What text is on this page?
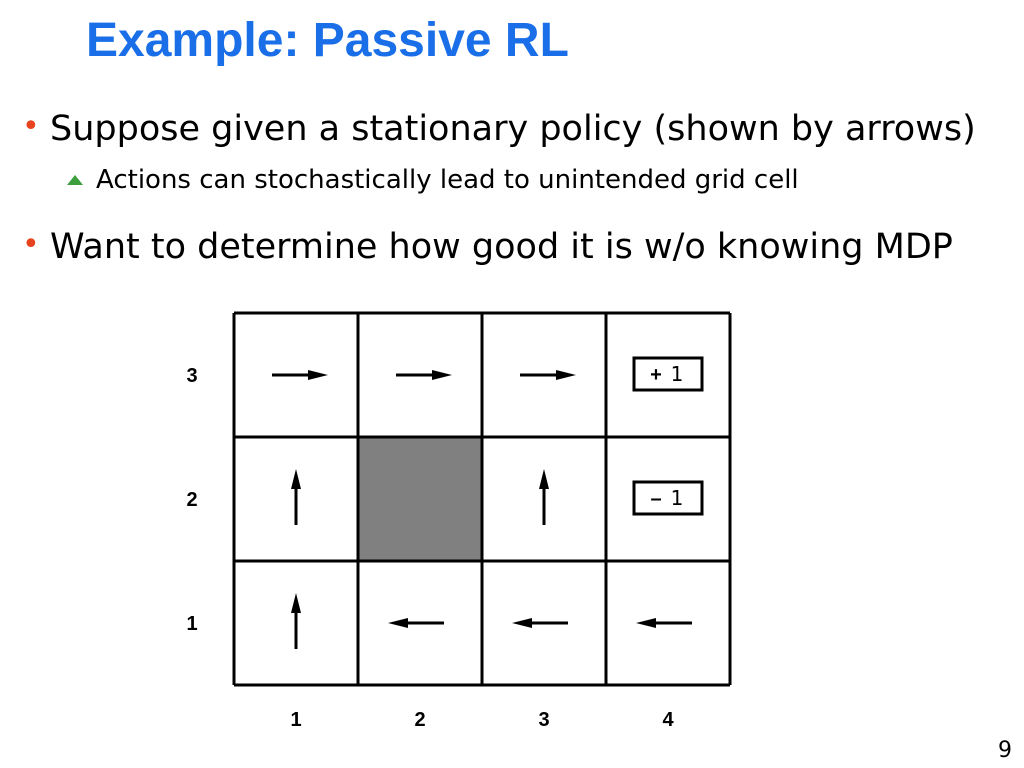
Example: Passive RL
• Suppose given a stationary policy (shown by arrows)
Actions can stochastically lead to unintended grid cell
• Want to determine how good it is w/o knowing MDP
+ 1
– 1
3
2
1
1	2	3	4
9
